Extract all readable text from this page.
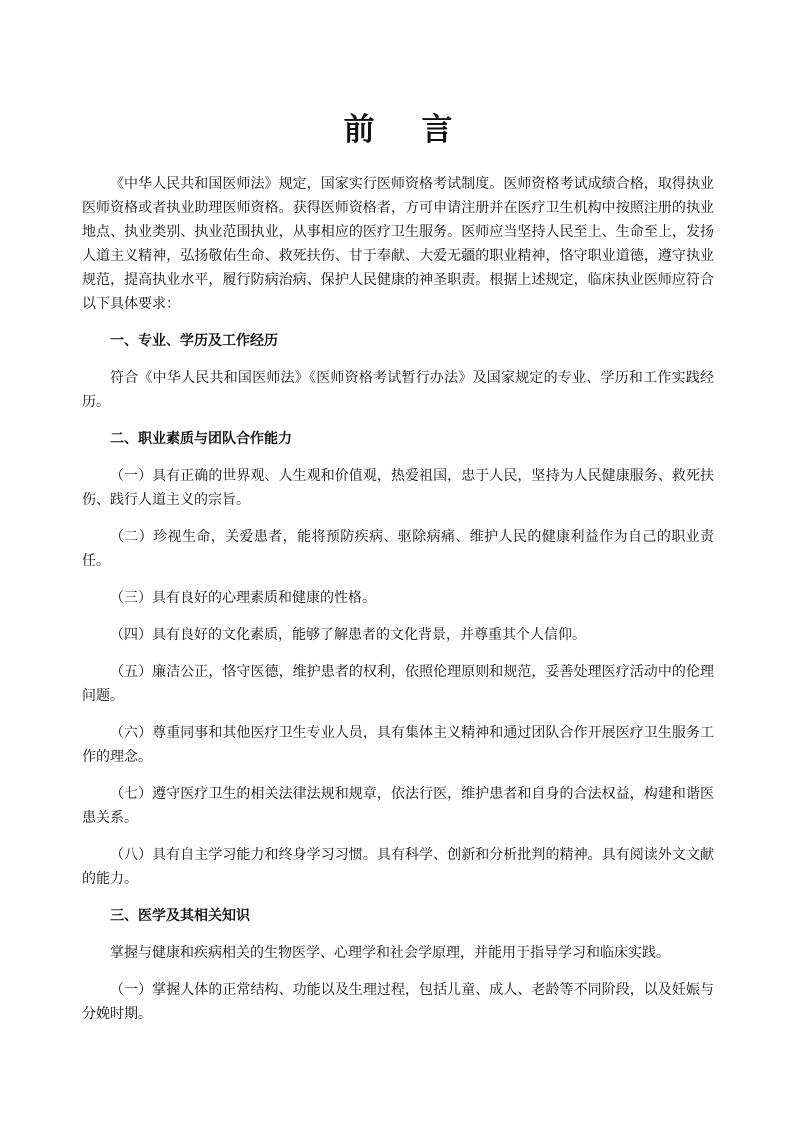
前 言

《中华人民共和国医师法》规定，国家实行医师资格考试制度。医师资格考试成绩合格，取得执业医师资格或者执业助理医师资格。获得医师资格者，方可申请注册并在医疗卫生机构中按照注册的执业地点、执业类别、执业范围执业，从事相应的医疗卫生服务。医师应当坚持人民至上、生命至上，发扬人道主义精神，弘扬敬佑生命、救死扶伤、甘于奉献、大爱无疆的职业精神，恪守职业道德，遵守执业规范，提高执业水平，履行防病治病、保护人民健康的神圣职责。根据上述规定，临床执业医师应符合以下具体要求：

一、专业、学历及工作经历

符合《中华人民共和国医师法》《医师资格考试暂行办法》及国家规定的专业、学历和工作实践经历。

二、职业素质与团队合作能力

（一）具有正确的世界观、人生观和价值观，热爱祖国，忠于人民，坚持为人民健康服务、救死扶伤、践行人道主义的宗旨。

（二）珍视生命，关爱患者，能将预防疾病、驱除病痛、维护人民的健康利益作为自己的职业责任。

（三）具有良好的心理素质和健康的性格。

（四）具有良好的文化素质，能够了解患者的文化背景，并尊重其个人信仰。

（五）廉洁公正，恪守医德，维护患者的权利，依照伦理原则和规范，妥善处理医疗活动中的伦理问题。

（六）尊重同事和其他医疗卫生专业人员，具有集体主义精神和通过团队合作开展医疗卫生服务工作的理念。

（七）遵守医疗卫生的相关法律法规和规章，依法行医，维护患者和自身的合法权益，构建和谐医患关系。

（八）具有自主学习能力和终身学习习惯。具有科学、创新和分析批判的精神。具有阅读外文文献的能力。

三、医学及其相关知识

掌握与健康和疾病相关的生物医学、心理学和社会学原理，并能用于指导学习和临床实践。

（一）掌握人体的正常结构、功能以及生理过程，包括儿童、成人、老龄等不同阶段，以及妊娠与分娩时期。
